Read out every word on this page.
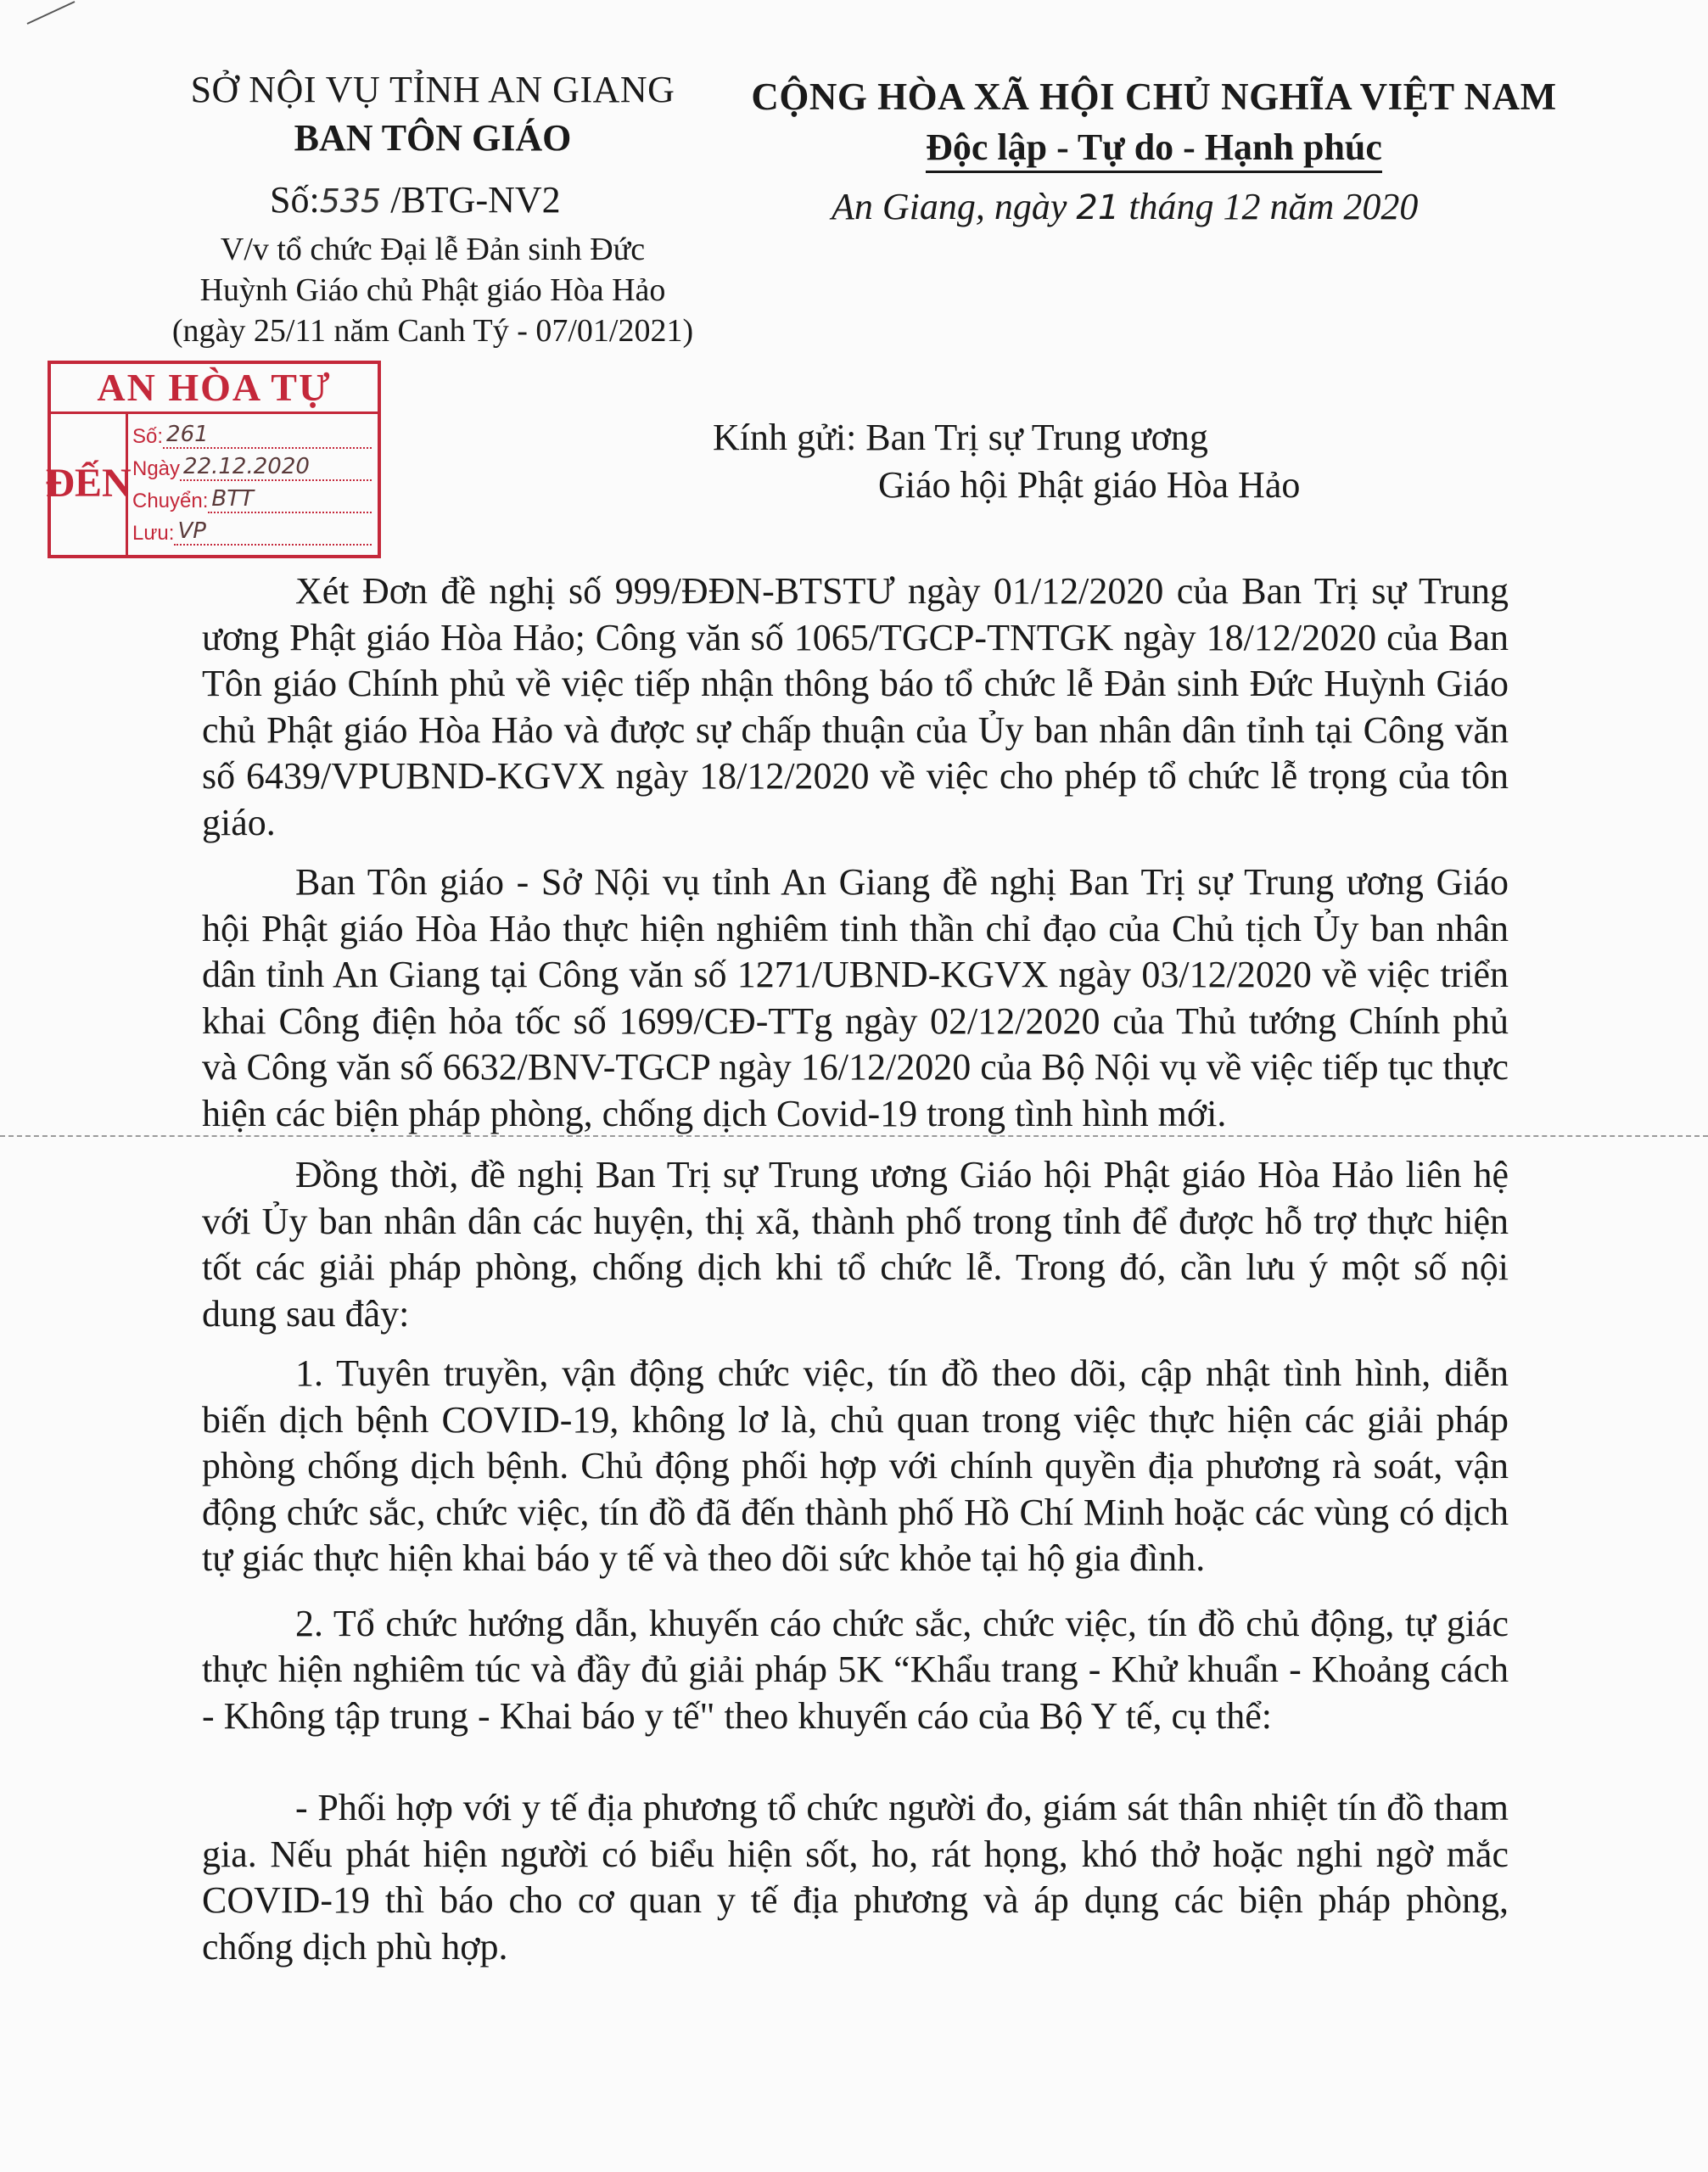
SỞ NỘI VỤ TỈNH AN GIANG
BAN TÔN GIÁO
Số:535 /BTG-NV2
V/v tổ chức Đại lễ Đản sinh Đức
Huỳnh Giáo chủ Phật giáo Hòa Hảo
(ngày 25/11 năm Canh Tý - 07/01/2021)
CỘNG HÒA XÃ HỘI CHỦ NGHĨA VIỆT NAM
Độc lập - Tự do - Hạnh phúc
An Giang, ngày 21 tháng 12 năm 2020
AN HÒA TỰ
ĐẾN
Số: 261
Ngày 22.12.2020
Chuyển: BTT
Lưu: VP
Kính gửi: Ban Trị sự Trung ương
Giáo hội Phật giáo Hòa Hảo

Xét Đơn đề nghị số 999/ĐĐN-BTSTƯ ngày 01/12/2020 của Ban Trị sự Trung ương Phật giáo Hòa Hảo; Công văn số 1065/TGCP-TNTGK ngày 18/12/2020 của Ban Tôn giáo Chính phủ về việc tiếp nhận thông báo tổ chức lễ Đản sinh Đức Huỳnh Giáo chủ Phật giáo Hòa Hảo và được sự chấp thuận của Ủy ban nhân dân tỉnh tại Công văn số 6439/VPUBND-KGVX ngày 18/12/2020 về việc cho phép tổ chức lễ trọng của tôn giáo.

Ban Tôn giáo - Sở Nội vụ tỉnh An Giang đề nghị Ban Trị sự Trung ương Giáo hội Phật giáo Hòa Hảo thực hiện nghiêm tinh thần chỉ đạo của Chủ tịch Ủy ban nhân dân tỉnh An Giang tại Công văn số 1271/UBND-KGVX ngày 03/12/2020 về việc triển khai Công điện hỏa tốc số 1699/CĐ-TTg ngày 02/12/2020 của Thủ tướng Chính phủ và Công văn số 6632/BNV-TGCP ngày 16/12/2020 của Bộ Nội vụ về việc tiếp tục thực hiện các biện pháp phòng, chống dịch Covid-19 trong tình hình mới.

Đồng thời, đề nghị Ban Trị sự Trung ương Giáo hội Phật giáo Hòa Hảo liên hệ với Ủy ban nhân dân các huyện, thị xã, thành phố trong tỉnh để được hỗ trợ thực hiện tốt các giải pháp phòng, chống dịch khi tổ chức lễ. Trong đó, cần lưu ý một số nội dung sau đây:

1. Tuyên truyền, vận động chức việc, tín đồ theo dõi, cập nhật tình hình, diễn biến dịch bệnh COVID-19, không lơ là, chủ quan trong việc thực hiện các giải pháp phòng chống dịch bệnh. Chủ động phối hợp với chính quyền địa phương rà soát, vận động chức sắc, chức việc, tín đồ đã đến thành phố Hồ Chí Minh hoặc các vùng có dịch tự giác thực hiện khai báo y tế và theo dõi sức khỏe tại hộ gia đình.

2. Tổ chức hướng dẫn, khuyến cáo chức sắc, chức việc, tín đồ chủ động, tự giác thực hiện nghiêm túc và đầy đủ giải pháp 5K “Khẩu trang - Khử khuẩn - Khoảng cách - Không tập trung - Khai báo y tế" theo khuyến cáo của Bộ Y tế, cụ thể:

- Phối hợp với y tế địa phương tổ chức người đo, giám sát thân nhiệt tín đồ tham gia. Nếu phát hiện người có biểu hiện sốt, ho, rát họng, khó thở hoặc nghi ngờ mắc COVID-19 thì báo cho cơ quan y tế địa phương và áp dụng các biện pháp phòng, chống dịch phù hợp.
